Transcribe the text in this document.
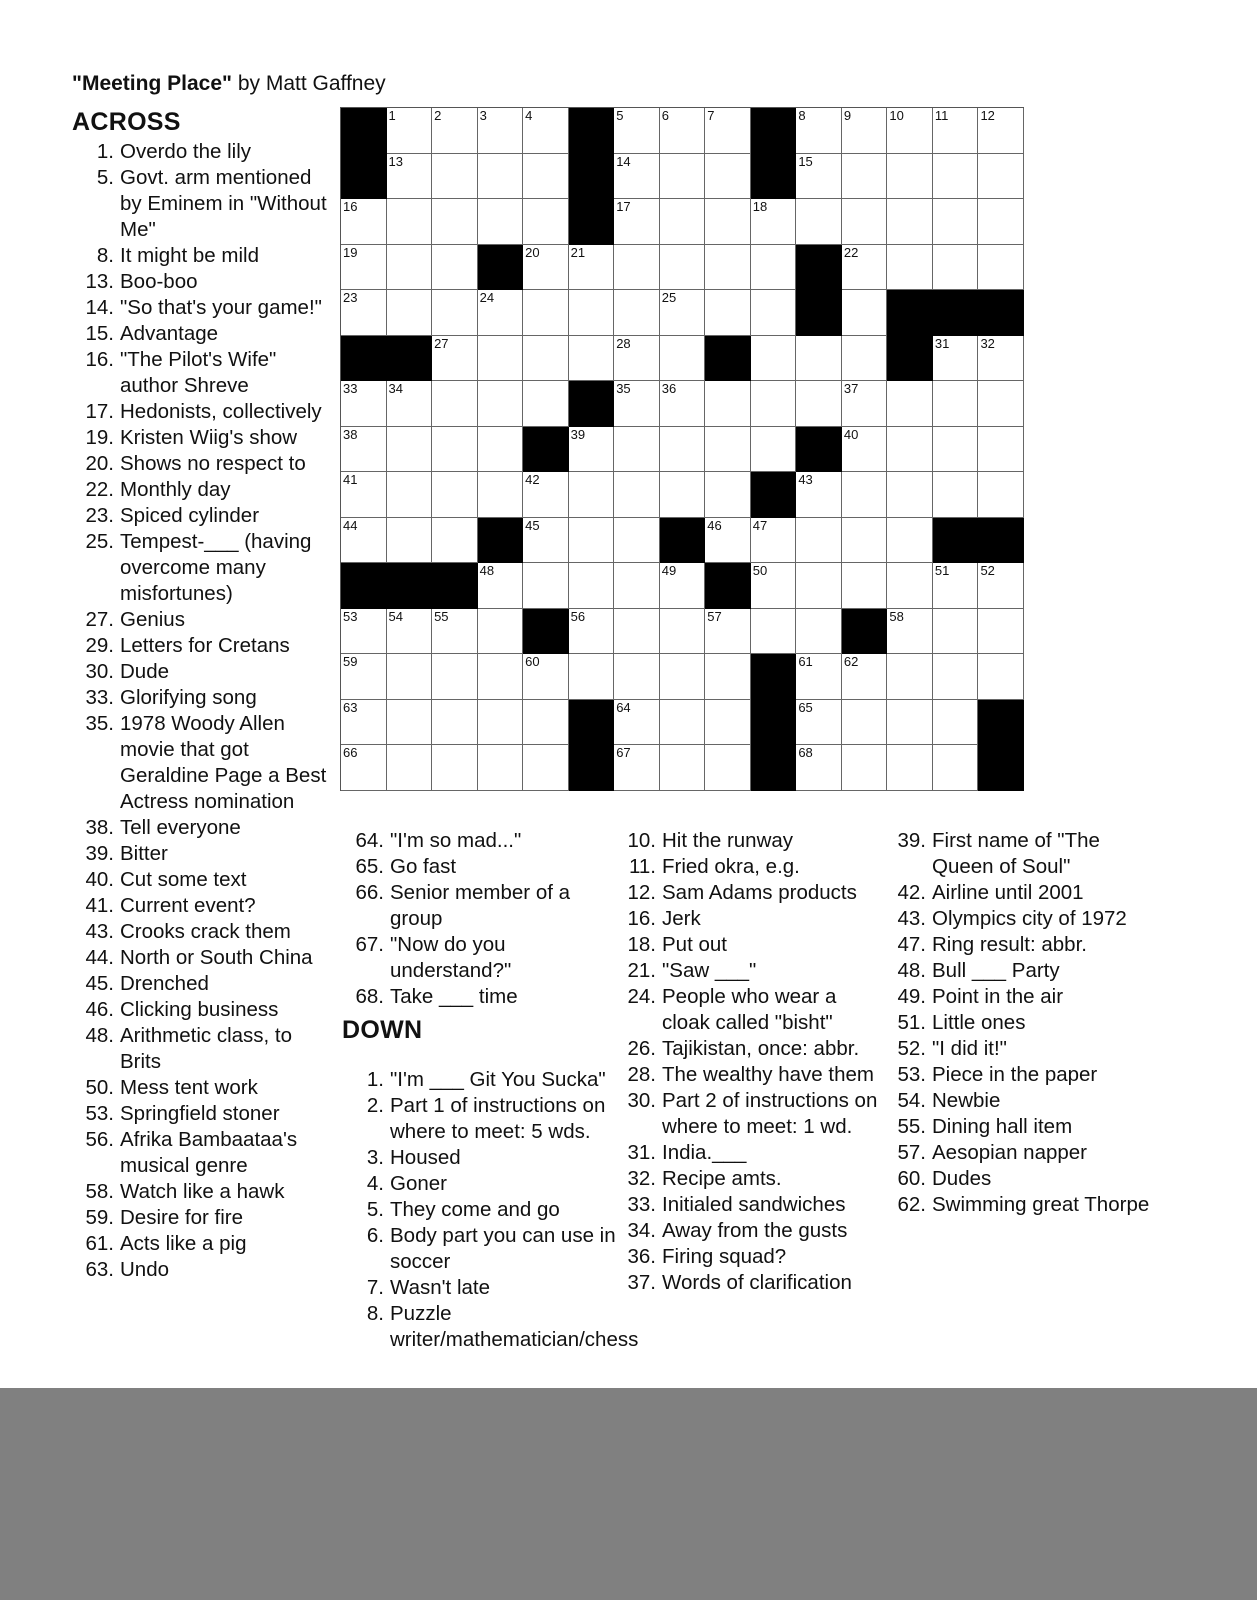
"Meeting Place" by Matt Gaffney
ACROSS
DOWN
1	2	3	4	5	6	7	8	9	10 11 12
13	14	15
16	17	18
19	20 21	22
23	24	25
27	28	31 32
33 34	35 36	37
38	39	40
41	42	43
44	45	46 47
48	49	50	51 52
53 54 55	56	57	58
59	60	61 62
63	64	65
66	67	68
1. Overdo the lily
5. Govt. arm mentioned by Eminem in "Without Me"
8. It might be mild
13. Boo-boo
14. "So that's your game!"
15. Advantage
16. "The Pilot's Wife" author Shreve
17. Hedonists, collectively
19. Kristen Wiig's show
20. Shows no respect to
22. Monthly day
23. Spiced cylinder
25. Tempest-___ (having overcome many misfortunes)
27. Genius
29. Letters for Cretans
30. Dude
33. Glorifying song
35. 1978 Woody Allen movie that got Geraldine Page a Best Actress nomination
38. Tell everyone
39. Bitter
40. Cut some text
41. Current event?
43. Crooks crack them
44. North or South China
45. Drenched
46. Clicking business
48. Arithmetic class, to Brits
50. Mess tent work
53. Springfield stoner
56. Afrika Bambaataa's musical genre
58. Watch like a hawk
59. Desire for fire
61. Acts like a pig
63. Undo
64. "I'm so mad..."
65. Go fast
66. Senior member of a group
67. "Now do you understand?"
68. Take ___ time
1. "I'm ___ Git You Sucka"
2. Part 1 of instructions on where to meet: 5 wds.
3. Housed
4. Goner
5. They come and go
6. Body part you can use in soccer
7. Wasn't late
8. Puzzle writer/mathematician/chess
10. Hit the runway
11. Fried okra, e.g.
12. Sam Adams products
16. Jerk
18. Put out
21. "Saw ___"
24. People who wear a cloak called "bisht"
26. Tajikistan, once: abbr.
28. The wealthy have them
30. Part 2 of instructions on where to meet: 1 wd.
31. India.___
32. Recipe amts.
33. Initialed sandwiches
34. Away from the gusts
36. Firing squad?
37. Words of clarification
39. First name of "The Queen of Soul"
42. Airline until 2001
43. Olympics city of 1972
47. Ring result: abbr.
48. Bull ___ Party
49. Point in the air
51. Little ones
52. "I did it!"
53. Piece in the paper
54. Newbie
55. Dining hall item
57. Aesopian napper
60. Dudes
62. Swimming great Thorpe
